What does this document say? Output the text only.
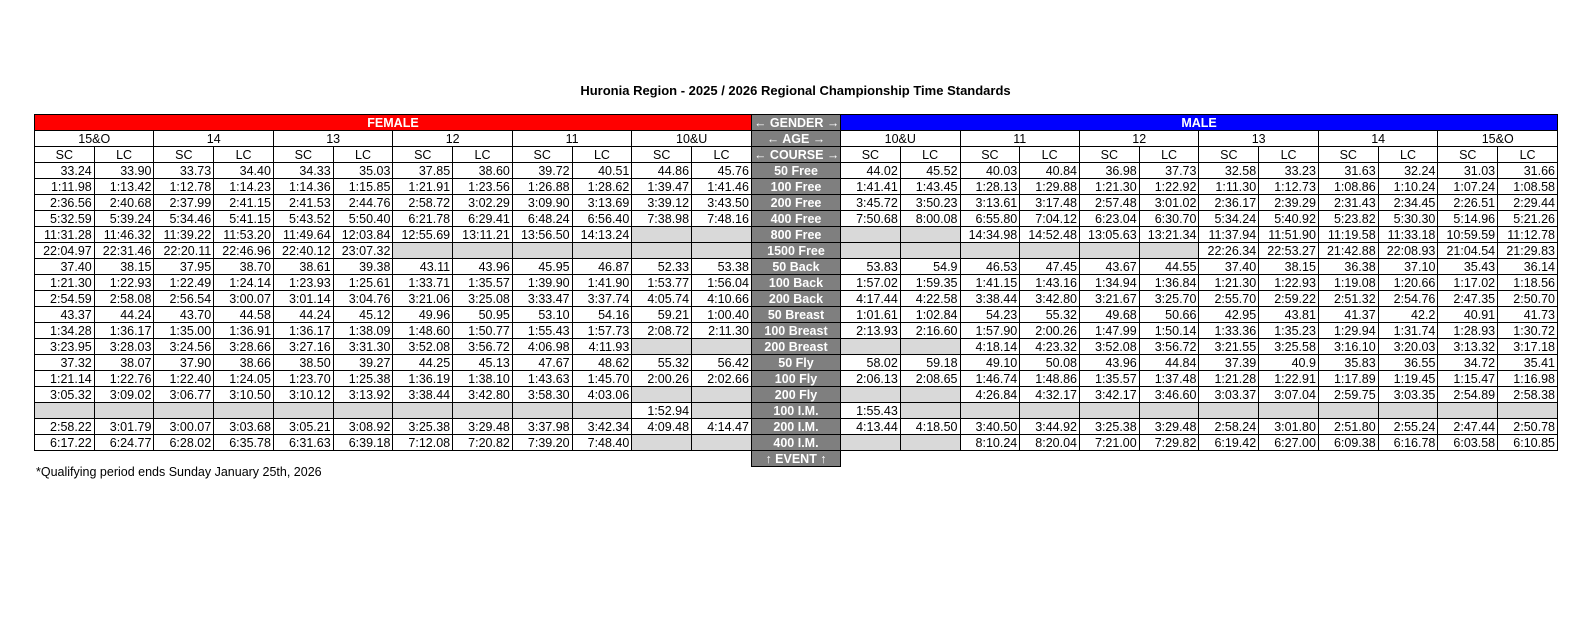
Huronia Region - 2025 / 2026 Regional Championship Time Standards
FEMALE												← GENDER →	MALE											
15&O		14		13		12		11		10&U		← AGE →	10&U		11		12		13		14		15&O	
SC	LC	SC	LC	SC	LC	SC	LC	SC	LC	SC	LC	← COURSE →	SC	LC	SC	LC	SC	LC	SC	LC	SC	LC	SC	LC
33.24	33.90	33.73	34.40	34.33	35.03	37.85	38.60	39.72	40.51	44.86	45.76	50 Free	44.02	45.52	40.03	40.84	36.98	37.73	32.58	33.23	31.63	32.24	31.03	31.66
1:11.98	1:13.42	1:12.78	1:14.23	1:14.36	1:15.85	1:21.91	1:23.56	1:26.88	1:28.62	1:39.47	1:41.46	100 Free	1:41.41	1:43.45	1:28.13	1:29.88	1:21.30	1:22.92	1:11.30	1:12.73	1:08.86	1:10.24	1:07.24	1:08.58
2:36.56	2:40.68	2:37.99	2:41.15	2:41.53	2:44.76	2:58.72	3:02.29	3:09.90	3:13.69	3:39.12	3:43.50	200 Free	3:45.72	3:50.23	3:13.61	3:17.48	2:57.48	3:01.02	2:36.17	2:39.29	2:31.43	2:34.45	2:26.51	2:29.44
5:32.59	5:39.24	5:34.46	5:41.15	5:43.52	5:50.40	6:21.78	6:29.41	6:48.24	6:56.40	7:38.98	7:48.16	400 Free	7:50.68	8:00.08	6:55.80	7:04.12	6:23.04	6:30.70	5:34.24	5:40.92	5:23.82	5:30.30	5:14.96	5:21.26
11:31.28	11:46.32	11:39.22	11:53.20	11:49.64	12:03.84	12:55.69	13:11.21	13:56.50	14:13.24			800 Free			14:34.98	14:52.48	13:05.63	13:21.34	11:37.94	11:51.90	11:19.58	11:33.18	10:59.59	11:12.78
22:04.97	22:31.46	22:20.11	22:46.96	22:40.12	23:07.32							1500 Free							22:26.34	22:53.27	21:42.88	22:08.93	21:04.54	21:29.83
37.40	38.15	37.95	38.70	38.61	39.38	43.11	43.96	45.95	46.87	52.33	53.38	50 Back	53.83	54.9	46.53	47.45	43.67	44.55	37.40	38.15	36.38	37.10	35.43	36.14
1:21.30	1:22.93	1:22.49	1:24.14	1:23.93	1:25.61	1:33.71	1:35.57	1:39.90	1:41.90	1:53.77	1:56.04	100 Back	1:57.02	1:59.35	1:41.15	1:43.16	1:34.94	1:36.84	1:21.30	1:22.93	1:19.08	1:20.66	1:17.02	1:18.56
2:54.59	2:58.08	2:56.54	3:00.07	3:01.14	3:04.76	3:21.06	3:25.08	3:33.47	3:37.74	4:05.74	4:10.66	200 Back	4:17.44	4:22.58	3:38.44	3:42.80	3:21.67	3:25.70	2:55.70	2:59.22	2:51.32	2:54.76	2:47.35	2:50.70
43.37	44.24	43.70	44.58	44.24	45.12	49.96	50.95	53.10	54.16	59.21	1:00.40	50 Breast	1:01.61	1:02.84	54.23	55.32	49.68	50.66	42.95	43.81	41.37	42.2	40.91	41.73
1:34.28	1:36.17	1:35.00	1:36.91	1:36.17	1:38.09	1:48.60	1:50.77	1:55.43	1:57.73	2:08.72	2:11.30	100 Breast	2:13.93	2:16.60	1:57.90	2:00.26	1:47.99	1:50.14	1:33.36	1:35.23	1:29.94	1:31.74	1:28.93	1:30.72
3:23.95	3:28.03	3:24.56	3:28.66	3:27.16	3:31.30	3:52.08	3:56.72	4:06.98	4:11.93			200 Breast			4:18.14	4:23.32	3:52.08	3:56.72	3:21.55	3:25.58	3:16.10	3:20.03	3:13.32	3:17.18
37.32	38.07	37.90	38.66	38.50	39.27	44.25	45.13	47.67	48.62	55.32	56.42	50 Fly	58.02	59.18	49.10	50.08	43.96	44.84	37.39	40.9	35.83	36.55	34.72	35.41
1:21.14	1:22.76	1:22.40	1:24.05	1:23.70	1:25.38	1:36.19	1:38.10	1:43.63	1:45.70	2:00.26	2:02.66	100 Fly	2:06.13	2:08.65	1:46.74	1:48.86	1:35.57	1:37.48	1:21.28	1:22.91	1:17.89	1:19.45	1:15.47	1:16.98
3:05.32	3:09.02	3:06.77	3:10.50	3:10.12	3:13.92	3:38.44	3:42.80	3:58.30	4:03.06			200 Fly			4:26.84	4:32.17	3:42.17	3:46.60	3:03.37	3:07.04	2:59.75	3:03.35	2:54.89	2:58.38
										1:52.94		100 I.M.	1:55.43											
2:58.22	3:01.79	3:00.07	3:03.68	3:05.21	3:08.92	3:25.38	3:29.48	3:37.98	3:42.34	4:09.48	4:14.47	200 I.M.	4:13.44	4:18.50	3:40.50	3:44.92	3:25.38	3:29.48	2:58.24	3:01.80	2:51.80	2:55.24	2:47.44	2:50.78
6:17.22	6:24.77	6:28.02	6:35.78	6:31.63	6:39.18	7:12.08	7:20.82	7:39.20	7:48.40			400 I.M.			8:10.24	8:20.04	7:21.00	7:29.82	6:19.42	6:27.00	6:09.38	6:16.78	6:03.58	6:10.85
												↑ EVENT ↑												
*Qualifying period ends Sunday January 25th, 2026
